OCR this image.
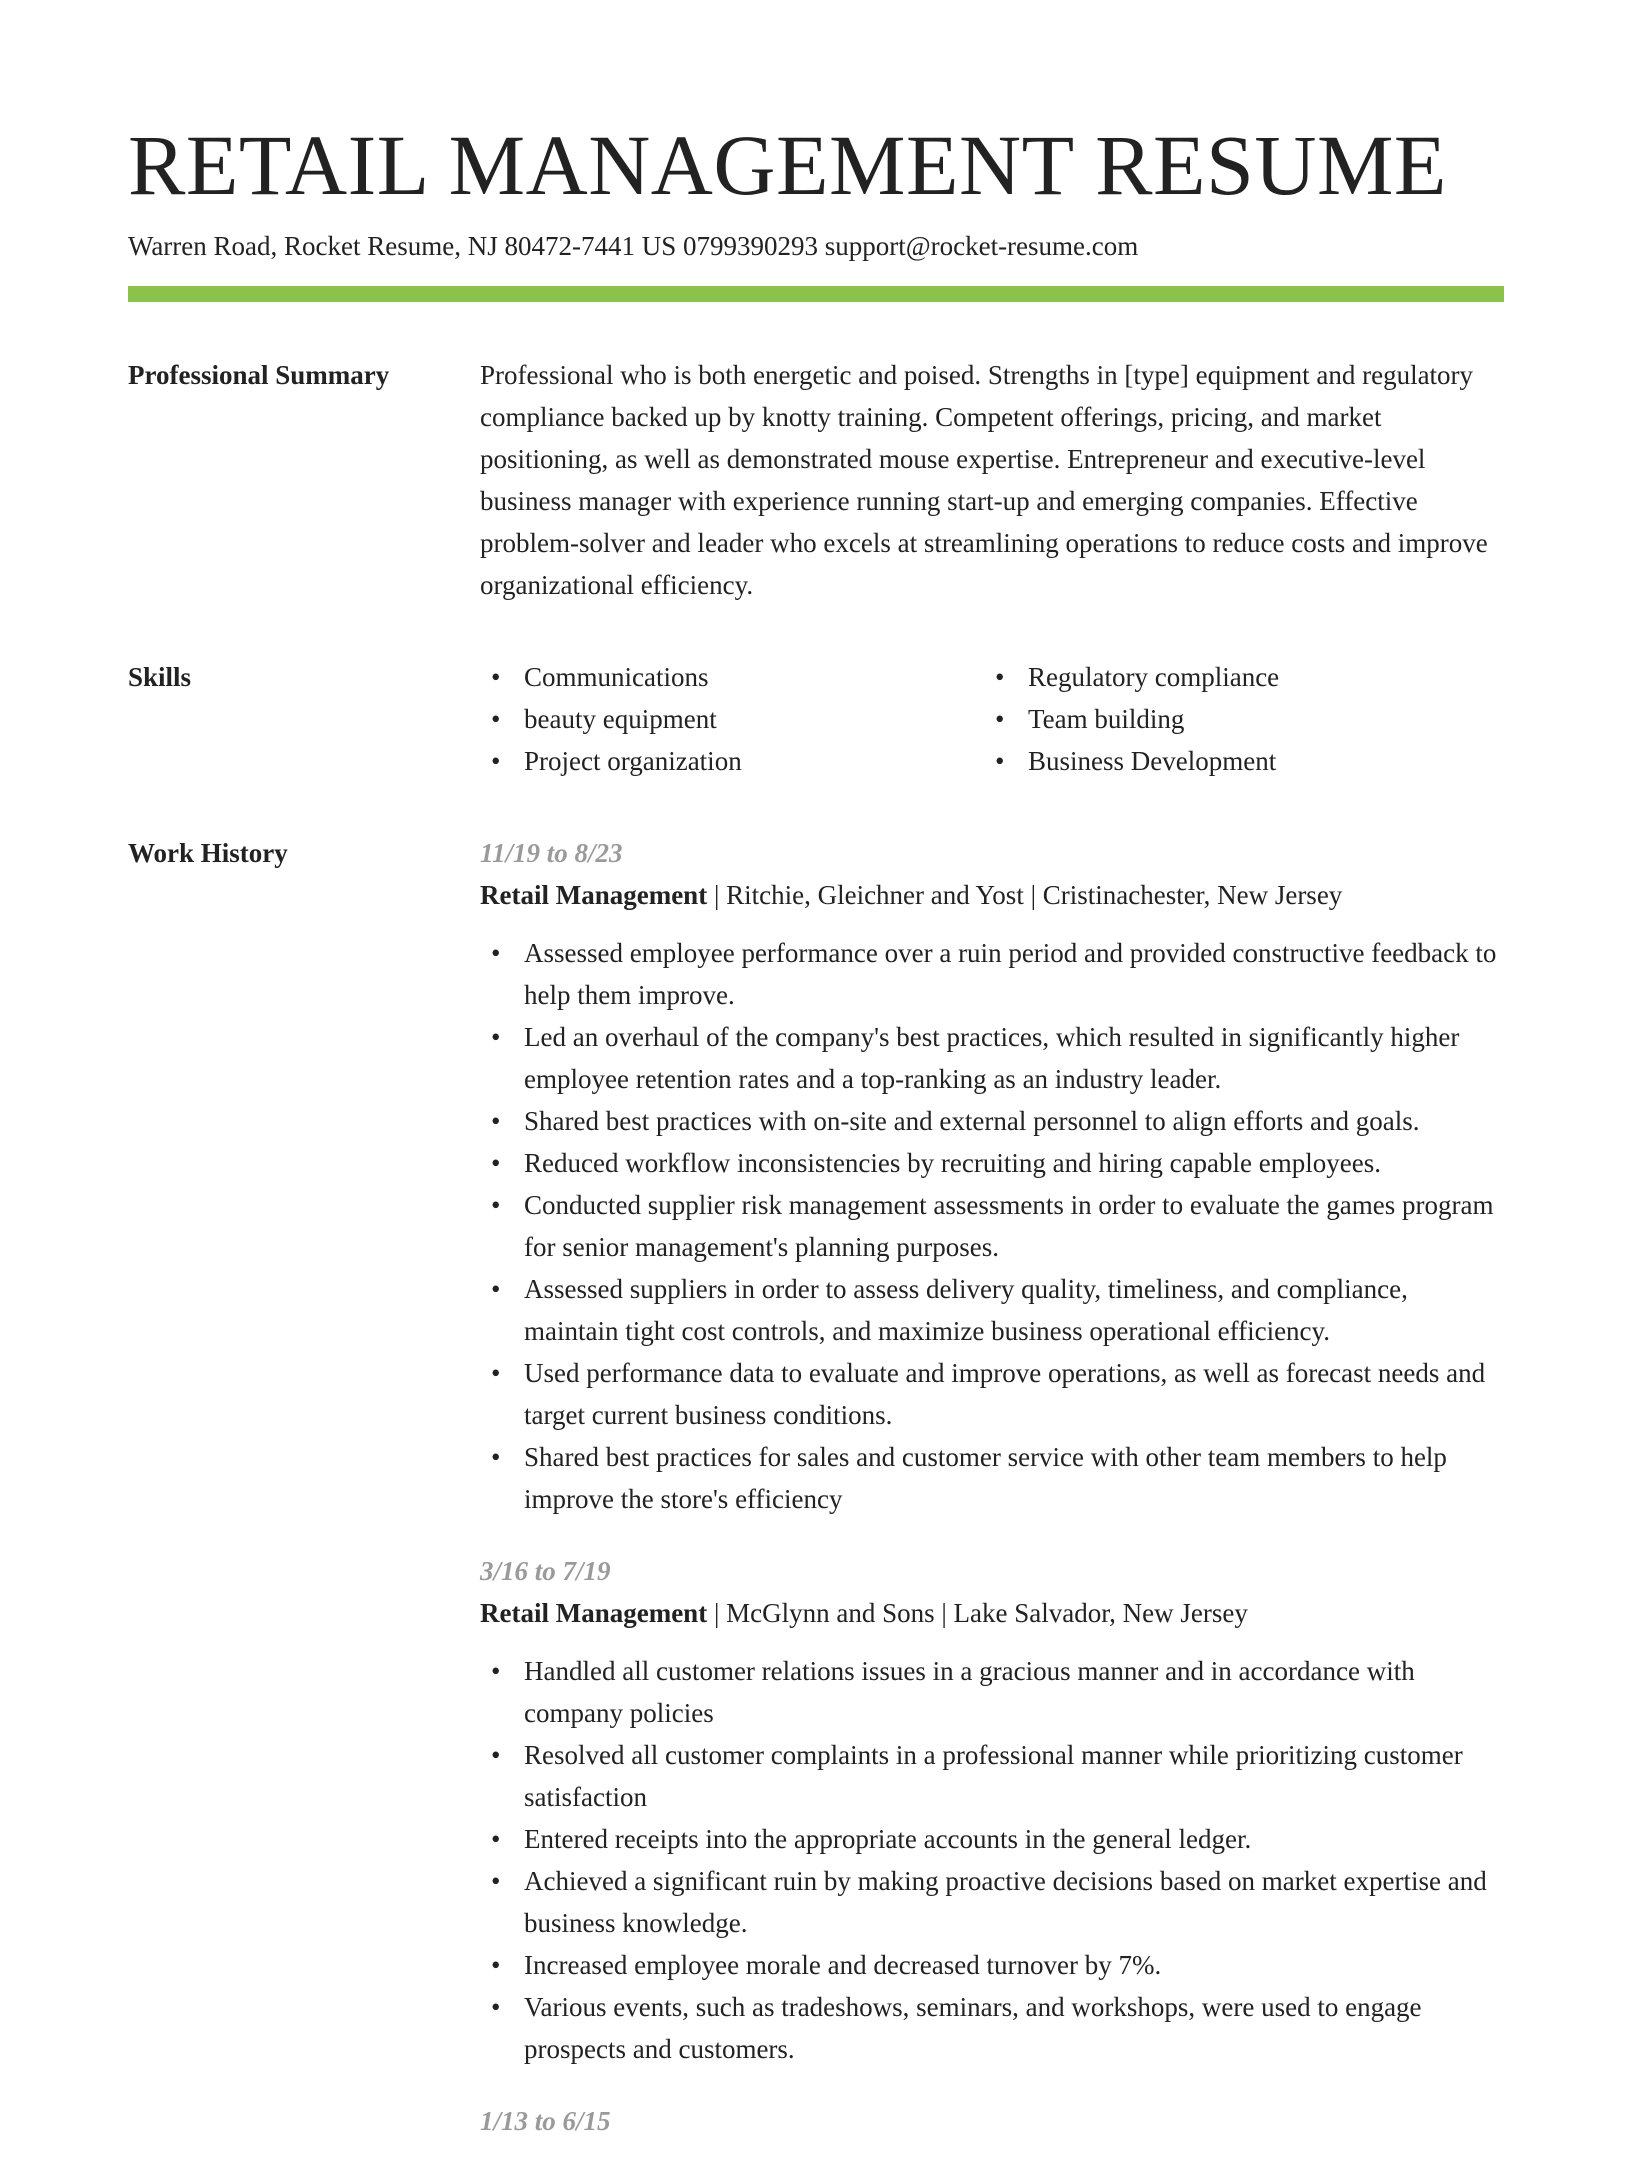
RETAIL MANAGEMENT RESUME
Warren Road, Rocket Resume, NJ 80472-7441 US 0799390293 support@rocket-resume.com
Professional Summary	Professional who is both energetic and poised. Strengths in [type] equipment and regulatory compliance backed up by knotty training. Competent offerings, pricing, and market positioning, as well as demonstrated mouse expertise. Entrepreneur and executive-level business manager with experience running start-up and emerging companies. Effective problem-solver and leader who excels at streamlining operations to reduce costs and improve organizational efficiency.

Skills
•	Communications
• beauty equipment
• Project organization
• Regulatory compliance
• Team building
• Business Development
Work History	11/19 to 8/23
Retail Management | Ritchie, Gleichner and Yost | Cristinachester, New Jersey
• Assessed employee performance over a ruin period and provided constructive feedback to help them improve.
• Led an overhaul of the company's best practices, which resulted in significantly higher employee retention rates and a top-ranking as an industry leader.
• Shared best practices with on-site and external personnel to align efforts and goals.
• Reduced workflow inconsistencies by recruiting and hiring capable employees.
• Conducted supplier risk management assessments in order to evaluate the games program for senior management's planning purposes.
• Assessed suppliers in order to assess delivery quality, timeliness, and compliance, maintain tight cost controls, and maximize business operational efficiency.
• Used performance data to evaluate and improve operations, as well as forecast needs and target current business conditions.
• Shared best practices for sales and customer service with other team members to help improve the store's efficiency
3/16 to 7/19
Retail Management | McGlynn and Sons | Lake Salvador, New Jersey
• Handled all customer relations issues in a gracious manner and in accordance with company policies
• Resolved all customer complaints in a professional manner while prioritizing customer satisfaction
• Entered receipts into the appropriate accounts in the general ledger.
• Achieved a significant ruin by making proactive decisions based on market expertise and business knowledge.
• Increased employee morale and decreased turnover by 7%.
• Various events, such as tradeshows, seminars, and workshops, were used to engage prospects and customers.
1/13 to 6/15
